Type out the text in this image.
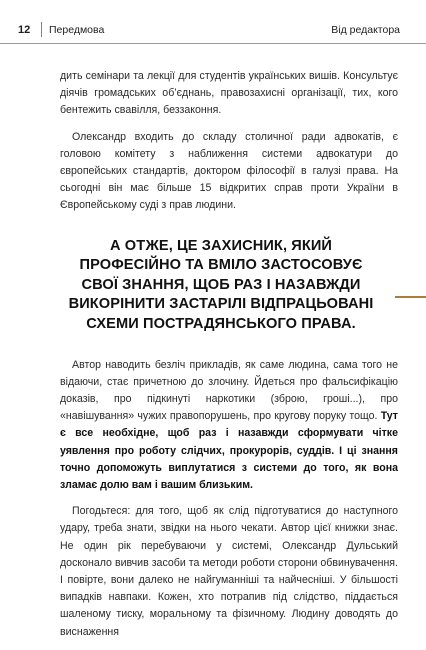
12 Передмова	Від редактора

дить семінари та лекції для студентів українських вишів. Консультує діячів громадських об’єднань, правозахисні організації, тих, кого бентежить свавілля, беззаконня.

Олександр входить до складу столичної ради адвокатів, є головою комітету з наближення системи адвокатури до європейських стандартів, доктором філософії в галузі права. На сьогодні він має більше 15 відкритих справ проти України в Європейському суді з прав людини.

А ОТЖЕ, ЦЕ ЗАХИСНИК, ЯКИЙ ПРОФЕСІЙНО ТА ВМІЛО ЗАСТОСОВУЄ СВОЇ ЗНАННЯ, ЩОБ РАЗ І НАЗАВЖДИ ВИКОРІНИТИ ЗАСТАРІЛІ ВІДПРАЦЬОВАНІ СХЕМИ ПОСТРАДЯНСЬКОГО ПРАВА.

Автор наводить безліч прикладів, як саме людина, сама того не відаючи, стає причетною до злочину. Йдеться про фальсифікацію доказів, про підкинуті наркотики (зброю, гроші...), про «навішування» чужих правопорушень, про кругову поруку тощо. Тут є все необхідне, щоб раз і назавжди сформувати чітке уявлення про роботу слідчих, прокурорів, суддів. І ці знання точно допоможуть виплутатися з системи до того, як вона зламає долю вам і вашим близьким.

Погодьтеся: для того, щоб як слід підготуватися до наступного удару, треба знати, звідки на нього чекати. Автор цієї книжки знає. Не один рік перебуваючи у системі, Олександр Дульський досконало вивчив засоби та методи роботи сторони обвинувачення. І повірте, вони далеко не найгуманніші та найчесніші. У більшості випадків навпаки. Кожен, хто потрапив під слідство, піддається шаленому тиску, моральному та фізичному. Людину доводять до виснаження
